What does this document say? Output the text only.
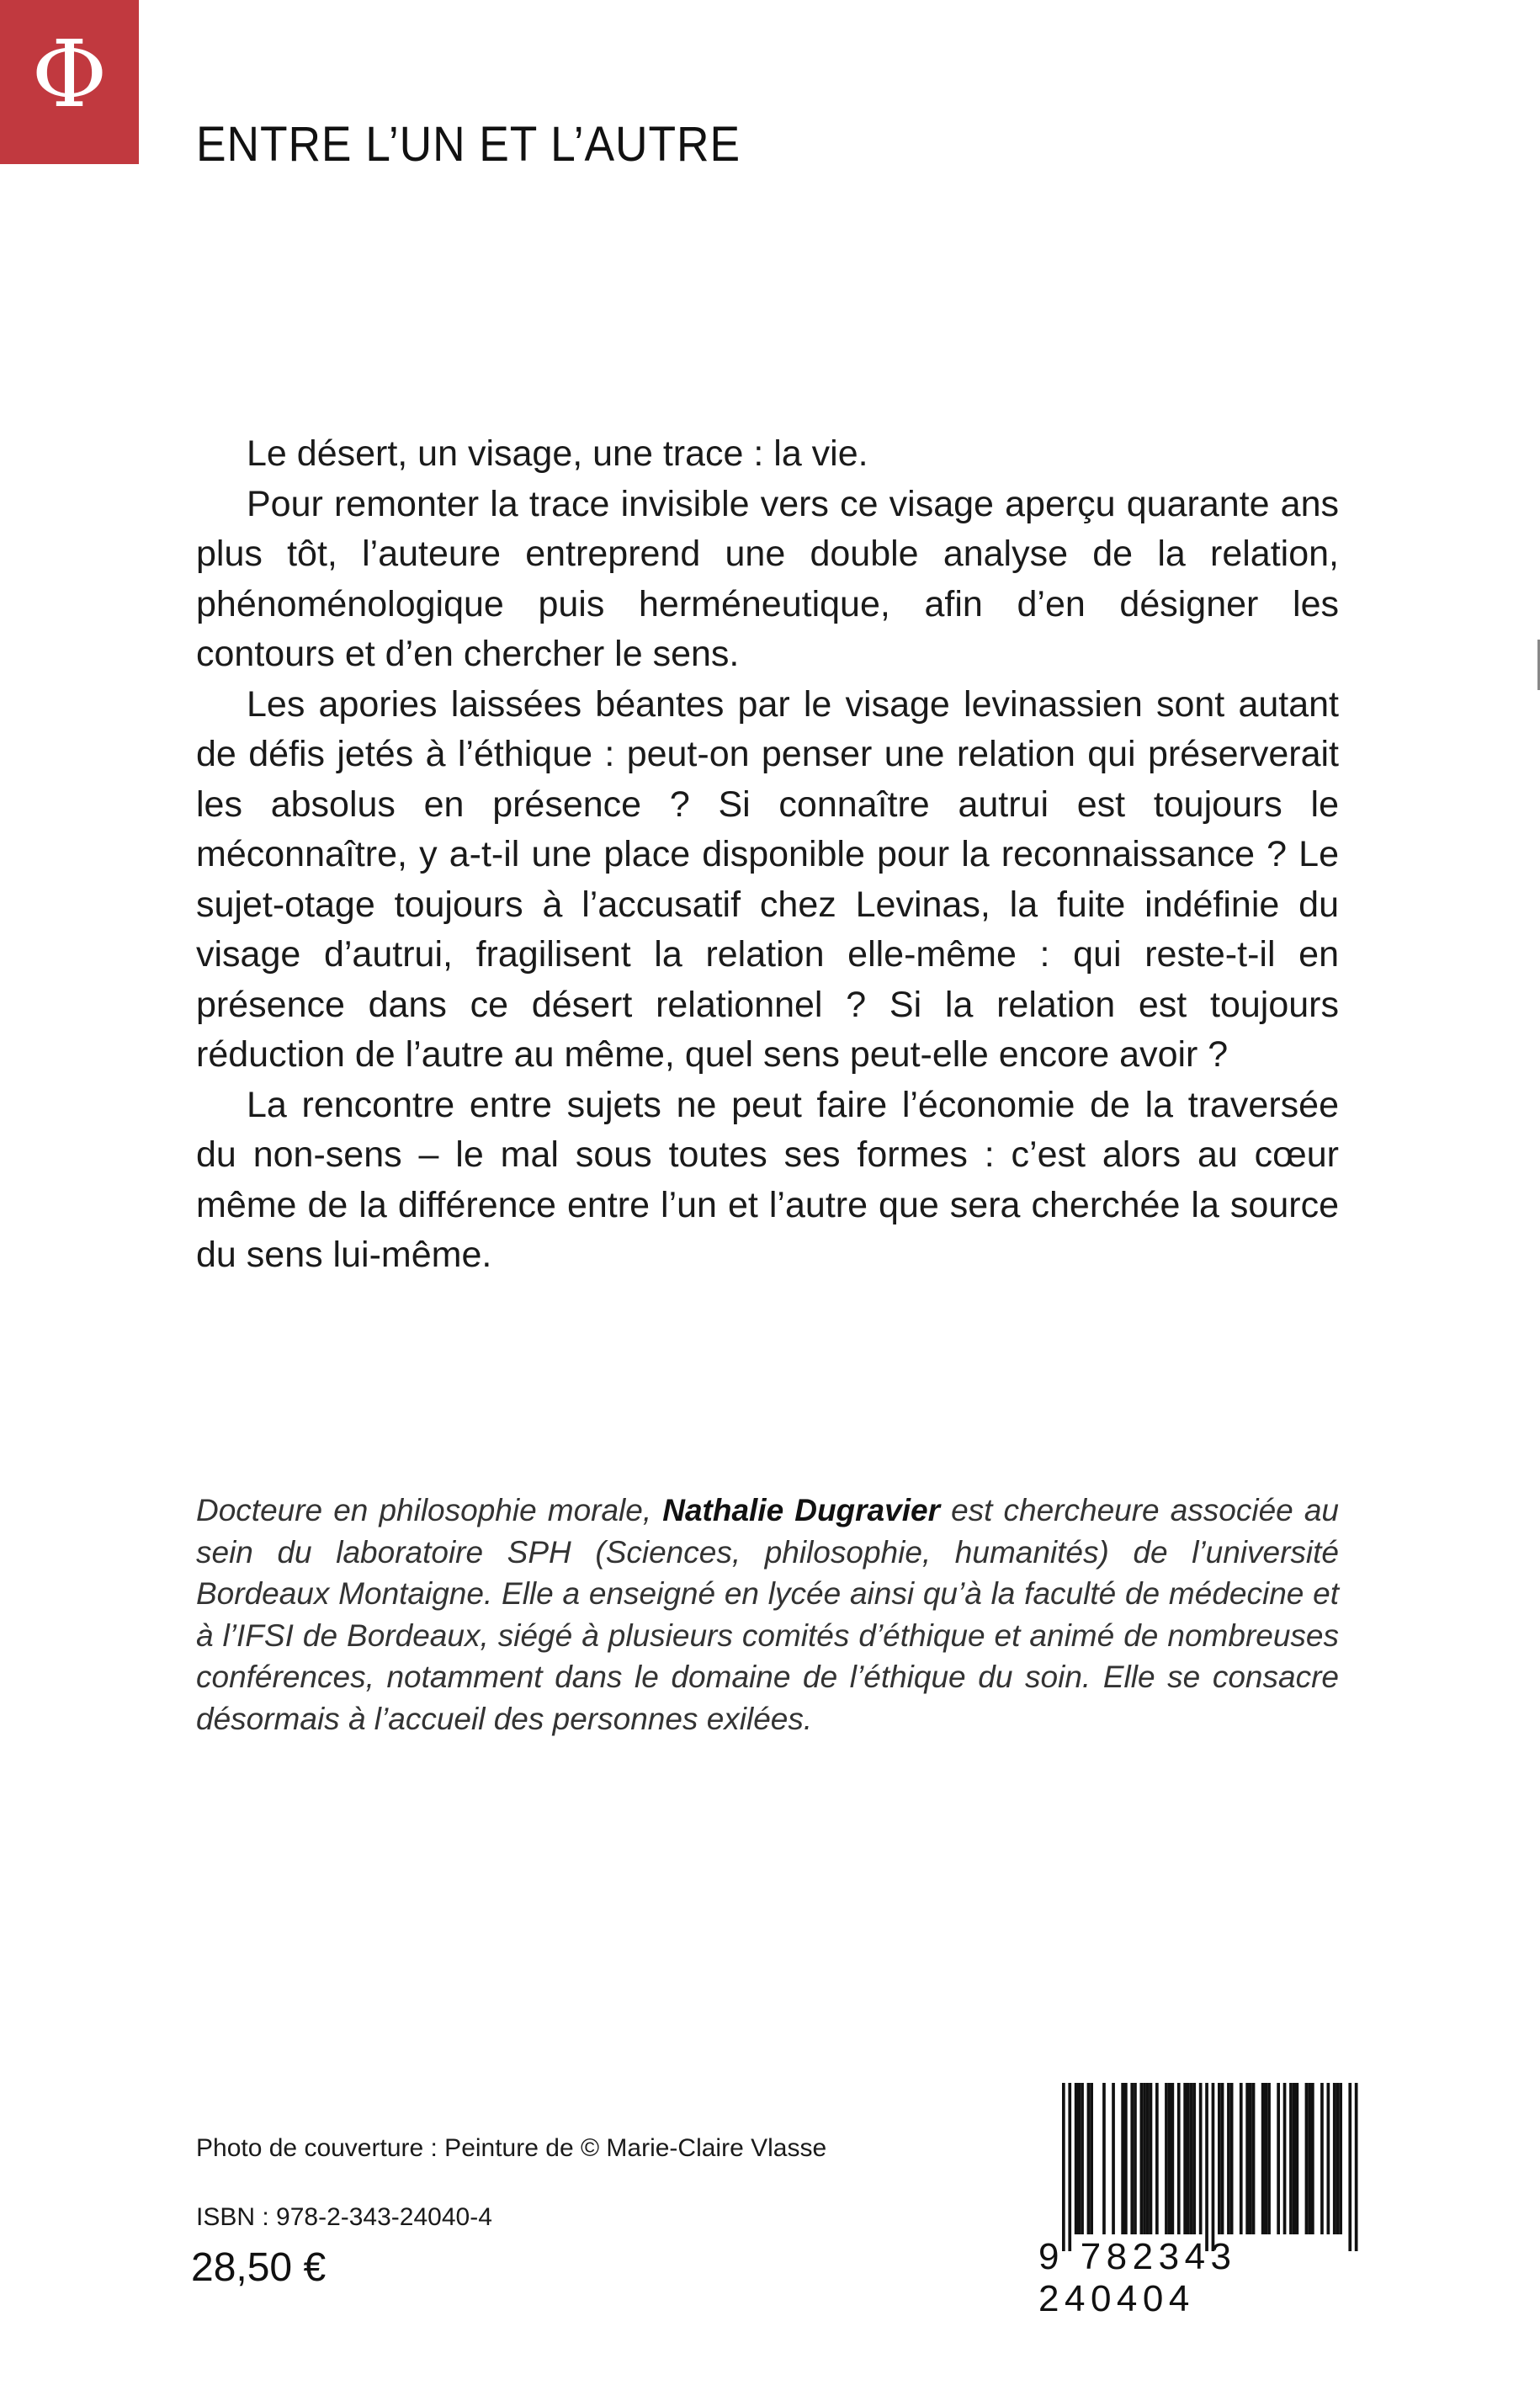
Φ
ENTRE L’UN ET L’AUTRE

Le désert, un visage, une trace : la vie.

Pour remonter la trace invisible vers ce visage aperçu quarante ans plus tôt, l’auteure entreprend une double analyse de la relation, phénoménologique puis herméneutique, afin d’en désigner les contours et d’en chercher le sens.

Les apories laissées béantes par le visage levinassien sont autant de défis jetés à l’éthique : peut-on penser une relation qui préserverait les absolus en présence ? Si connaître autrui est toujours le méconnaître, y a-t-il une place disponible pour la reconnaissance ? Le sujet-otage toujours à l’accusatif chez Levinas, la fuite indéfinie du visage d’autrui, fragilisent la relation elle-même : qui reste-t-il en présence dans ce désert relationnel ? Si la relation est toujours réduction de l’autre au même, quel sens peut-elle encore avoir ?

La rencontre entre sujets ne peut faire l’économie de la traversée du non-sens – le mal sous toutes ses formes : c’est alors au cœur même de la différence entre l’un et l’autre que sera cherchée la source du sens lui-même.

Docteure en philosophie morale, Nathalie Dugravier est chercheure associée au sein du laboratoire SPH (Sciences, philosophie, humanités) de l’université Bordeaux Montaigne. Elle a enseigné en lycée ainsi qu’à la faculté de médecine et à l’IFSI de Bordeaux, siégé à plusieurs comités d’éthique et animé de nombreuses conférences, notamment dans le domaine de l’éthique du soin. Elle se consacre désormais à l’accueil des personnes exilées.
Photo de couverture : Peinture de © Marie-Claire Vlasse
ISBN : 978-2-343-24040-4
28,50 €	9 782343 240404
